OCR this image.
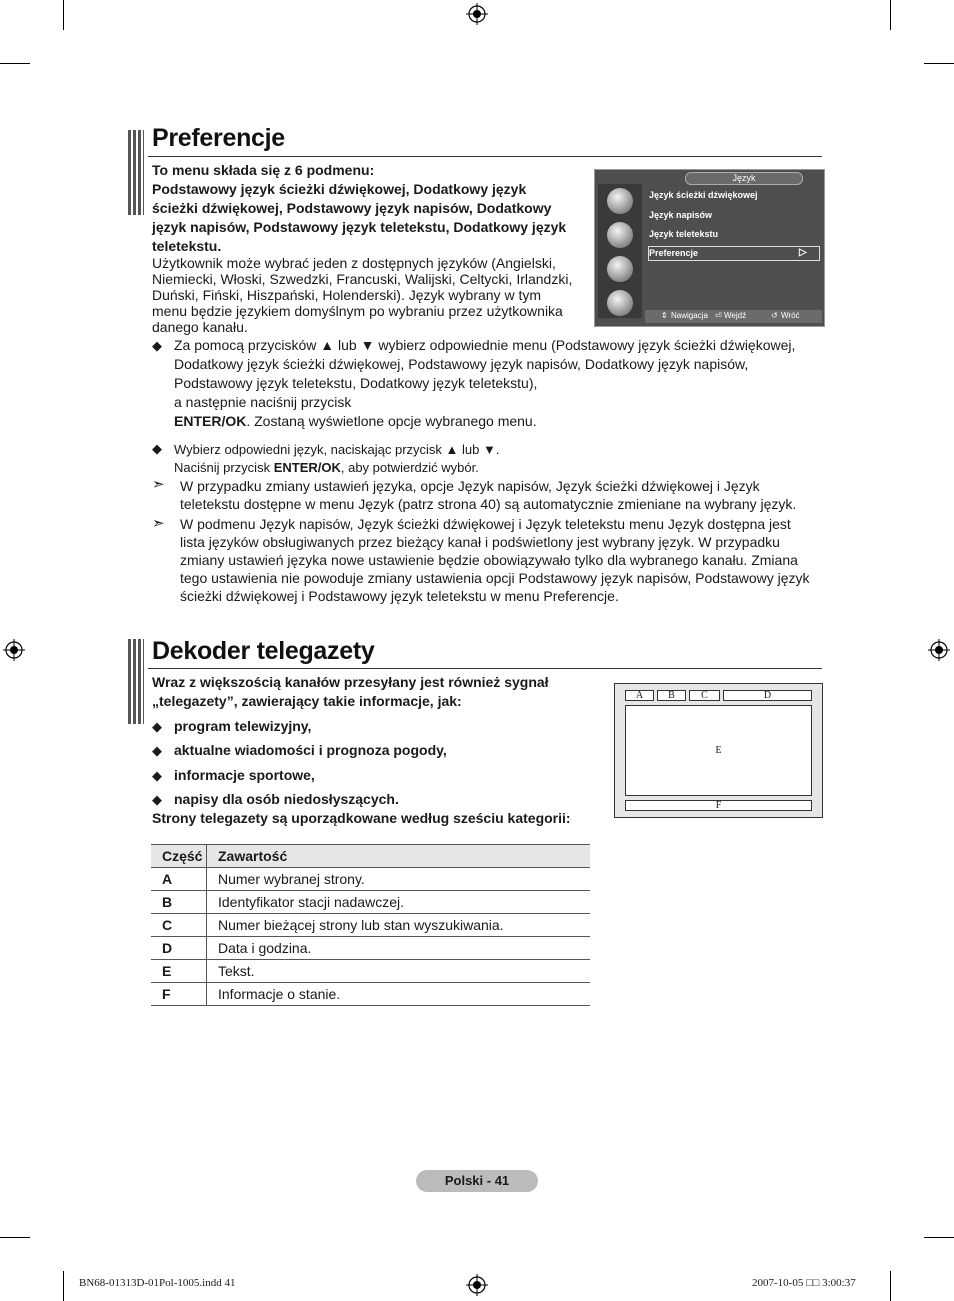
Preferencje
To menu składa się z 6 podmenu:
Podstawowy język ścieżki dźwiękowej, Dodatkowy język
ścieżki dźwiękowej, Podstawowy język napisów, Dodatkowy
język napisów, Podstawowy język teletekstu, Dodatkowy język
teletekstu.
Użytkownik może wybrać jeden z dostępnych języków (Angielski,
Niemiecki, Włoski, Szwedzki, Francuski, Walijski, Celtycki, Irlandzki,
Duński, Fiński, Hiszpański, Holenderski). Język wybrany w tym
menu będzie językiem domyślnym po wybraniu przez użytkownika
danego kanału.
Język
Język ścieżki dźwiękowej
Język napisów
Język teletekstu
Preferencje	▷
⇕ Nawigacja ⏎ Wejdź	↺ Wróć
◆ Za pomocą przycisków ▲ lub ▼ wybierz odpowiednie menu (Podstawowy język ścieżki dźwiękowej,
Dodatkowy język ścieżki dźwiękowej, Podstawowy język napisów, Dodatkowy język napisów,
Podstawowy język teletekstu, Dodatkowy język teletekstu),
a następnie naciśnij przycisk
ENTER/OK. Zostaną wyświetlone opcje wybranego menu.
◆ Wybierz odpowiedni język, naciskając przycisk ▲ lub ▼.
Naciśnij przycisk ENTER/OK, aby potwierdzić wybór.
➣ W przypadku zmiany ustawień języka, opcje Język napisów, Język ścieżki dźwiękowej i Język
teletekstu dostępne w menu Język (patrz strona 40) są automatycznie zmieniane na wybrany język.
➣ W podmenu Język napisów, Język ścieżki dźwiękowej i Język teletekstu menu Język dostępna jest
lista języków obsługiwanych przez bieżący kanał i podświetlony jest wybrany język. W przypadku
zmiany ustawień języka nowe ustawienie będzie obowiązywało tylko dla wybranego kanału. Zmiana
tego ustawienia nie powoduje zmiany ustawienia opcji Podstawowy język napisów, Podstawowy język
ścieżki dźwiękowej i Podstawowy język teletekstu w menu Preferencje.
Dekoder telegazety
Wraz z większością kanałów przesyłany jest również sygnał
„telegazety”, zawierający takie informacje, jak:
◆ program telewizyjny,
◆ aktualne wiadomości i prognoza pogody,
◆ informacje sportowe,
◆ napisy dla osób niedosłyszących.
Strony telegazety są uporządkowane według sześciu kategorii:
A	B	C	D
E
F
Część	Zawartość
A	Numer wybranej strony.
B	Identyfikator stacji nadawczej.
C	Numer bieżącej strony lub stan wyszukiwania.
D	Data i godzina.
E	Tekst.
F	Informacje o stanie.
Polski - 41
BN68-01313D-01Pol-1005.indd 41	2007-10-05 □□ 3:00:37
